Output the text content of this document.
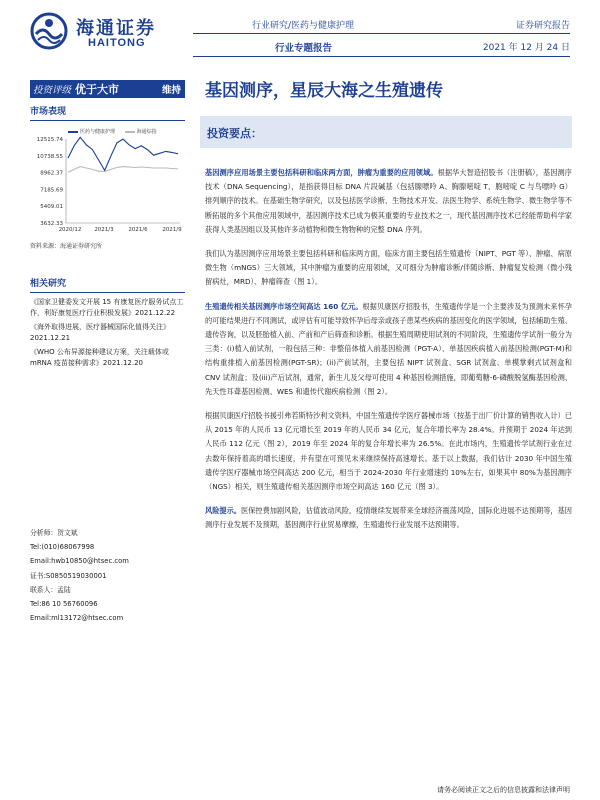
海通证券
HAITONG
行业研究/医药与健康护理
行业专题报告
证券研究报告
2021 年 12 月 24 日
投资评级 优于大市	维持 基因测序，星辰大海之生殖遗传
市场表现
12515.74
10738.55
8962.37
7185.69
5409.01
3632.33
2020/12 2021/3	2021/6	2021/9
医药与健康护理
	海通综指
资料来源：海通证券研究所
相关研究
《国家卫健委发文开展 15 有康复医疗服务试点工作，利好康复医疗行业积极发展》2021.12.22
《海外取得进展，医疗器械国际化值得关注》2021.12.21
《WHO 公布异源接种建议方案，关注载体或 mRNA 疫苗接种需求》2021.12.20
分析师：贺文斌
Tel:(010)68067998
Email:hwb10850@htsec.com
证书:S0850519030001
联系人：孟陆
Tel:86 10 56760096
Email:ml13172@htsec.com
投资要点：

基因测序应用场景主要包括科研和临床两方面，肿瘤为重要的应用领域。根据华大智造招股书（注册稿），基因测序技术（DNA Sequencing），是指获得目标 DNA 片段碱基（包括腺嘌呤 A、胸腺嘧啶 T、胞嘧啶 C 与鸟嘌呤 G）排列顺序的技术。在基础生物学研究，以及包括医学诊断、生物技术开发、法医生物学、系统生物学、微生物学等不断拓展的多个其他应用领域中，基因测序技术已成为极其重要的专业技术之一，现代基因测序技术已经能帮助科学家获得人类基因组以及其他许多动植物和微生物物种的完整 DNA 序列。

我们认为基因测序应用场景主要包括科研和临床两方面，临床方面主要包括生殖遗传（NIPT、PGT 等）、肿瘤、病原微生物（mNGS）三大领域，其中肿瘤为重要的应用领域，又可细分为肿瘤诊断/伴随诊断、肿瘤复发检测（微小残留病灶，MRD）、肿瘤筛查（图 1）。

生殖遗传相关基因测序市场空间高达 160 亿元。根据贝康医疗招股书，生殖遗传学是一个主要涉及为预测未来怀孕的可能结果进行不同测试，或评估有可能导致怀孕后母亲或孩子患某些疾病的基因变化的医学领域，包括辅助生殖、遗传咨询，以及胚胎植入前、产前和产后筛查和诊断。根据生殖周期使用试剂的不同阶段，生殖遗传学试剂一般分为三类：(i)植入前试剂，一般包括三种：非整倍体植入前基因检测（PGT-A）、单基因疾病植入前基因检测(PGT-M)和结构重排植入前基因检测(PGT-SR)；(ii)产前试剂，主要包括 NIPT 试剂盒、SGR 试剂盒、单模掌剩式试剂盒和 CNV 试剂盒；及(iii)产后试剂，通常，新生儿及父母可使用 4 种基因检测措施，即葡萄糖-6-磷酸脱氢酶基因检测、先天性耳聋基因检测、WES 和遗传代谢疾病检测（图 2）。

根据贝康医疗招股书援引弗若斯特沙利文资料，中国生殖遗传学医疗器械市场（按基于出厂价计算的销售收入计）已从 2015 年的人民币 13 亿元增长至 2019 年的人民币 34 亿元，复合年增长率为 28.4%。并预期于 2024 年达到人民币 112 亿元（图 2），2019 年至 2024 年的复合年增长率为 26.5%。在此市场内，生殖遗传学试剂行业在过去数年保持着高的增长速度，并有望在可预见未来继续保持高速增长。基于以上数据，我们估计 2030 年中国生殖遗传学医疗器械市场空间高达 200 亿元，相当于 2024-2030 年行业增速约 10%左右，如果其中 80%为基因测序（NGS）相关，则生殖遗传相关基因测序市场空间高达 160 亿元（图 3）。

风险提示。医保控费加剧风险，估值波动风险，疫情继续发展带来全球经济震荡风险，国际化进展不达预期等，基因测序行业发展不及预期，基因测序行业贸易摩擦，生殖遗传行业发展不达预期等。

请务必阅读正文之后的信息披露和法律声明
